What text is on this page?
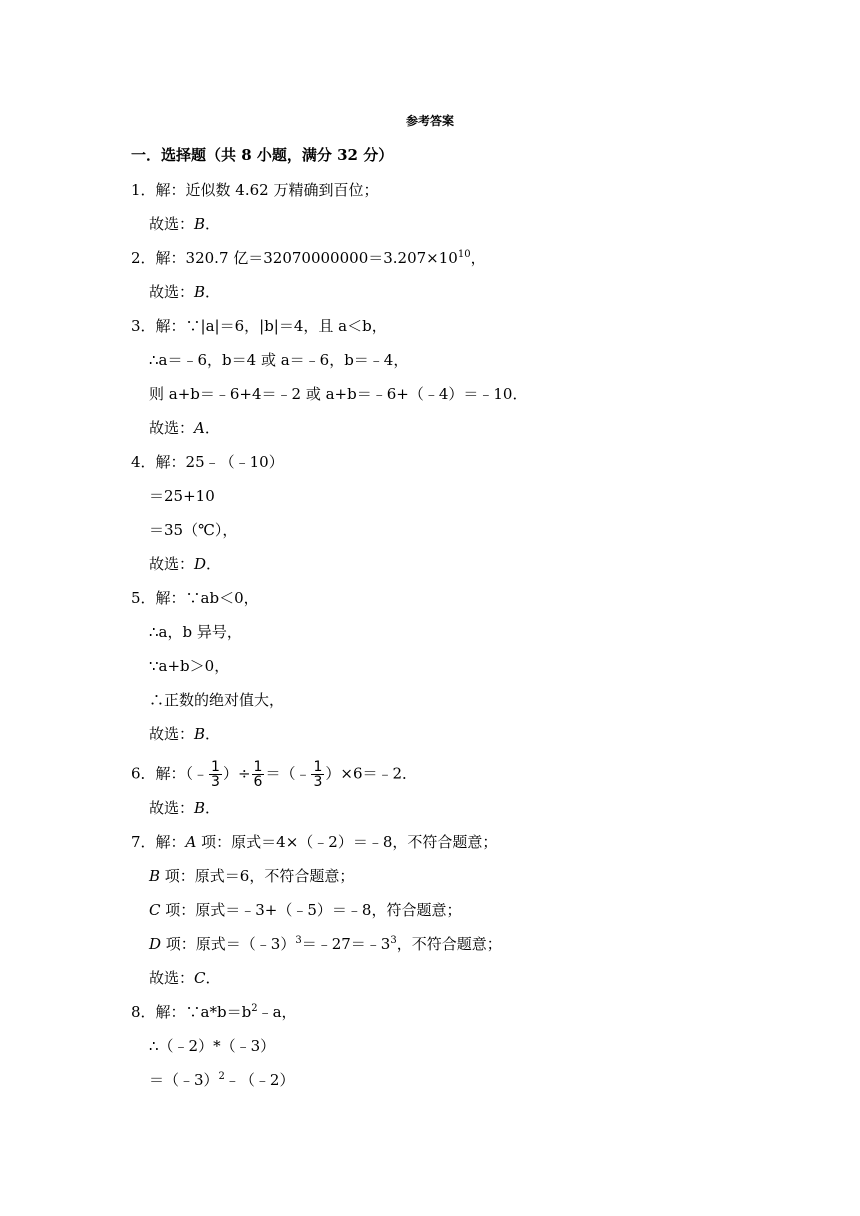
参考答案
一．选择题（共 8 小题，满分 32 分）
1．解：近似数 4.62 万精确到百位；
故选：B．
2．解：320.7 亿$=32070000000=3.207\times 10^{10}$，
故选：B．
3．解：∵|a|＝6，|b|＝4，且 a＜b，
∴a＝﹣6，b＝4 或 a＝﹣6，b＝﹣4，
则 a+b＝﹣6+4＝﹣2 或 a+b＝﹣6+（﹣4）＝﹣10．
故选：A．
4．解：25﹣（﹣10）
＝25+10
＝35（℃），
故选：D．
5．解：∵ab＜0，
∴a，b 异号，
∵a+b＞0，
∴正数的绝对值大，
故选：B．
6．解：（﹣ $\frac{1}{3}$ ）÷ $\frac{1}{6}$ ＝（﹣ $\frac{1}{3}$ ）×6＝﹣2．
故选：B．
7．解：A 项：原式＝4×（﹣2）＝﹣8，不符合题意；
B 项：原式＝6，不符合题意；
C 项：原式＝﹣3+（﹣5）＝﹣8，符合题意；
D 项：原式$=(﹣3)^3=﹣27=﹣3^3$，不符合题意；
故选：C．
8．解：$\because a*b=b^2﹣a$，
∴（﹣2）*（﹣3）
＝（﹣3）$^2$﹣（﹣2）
